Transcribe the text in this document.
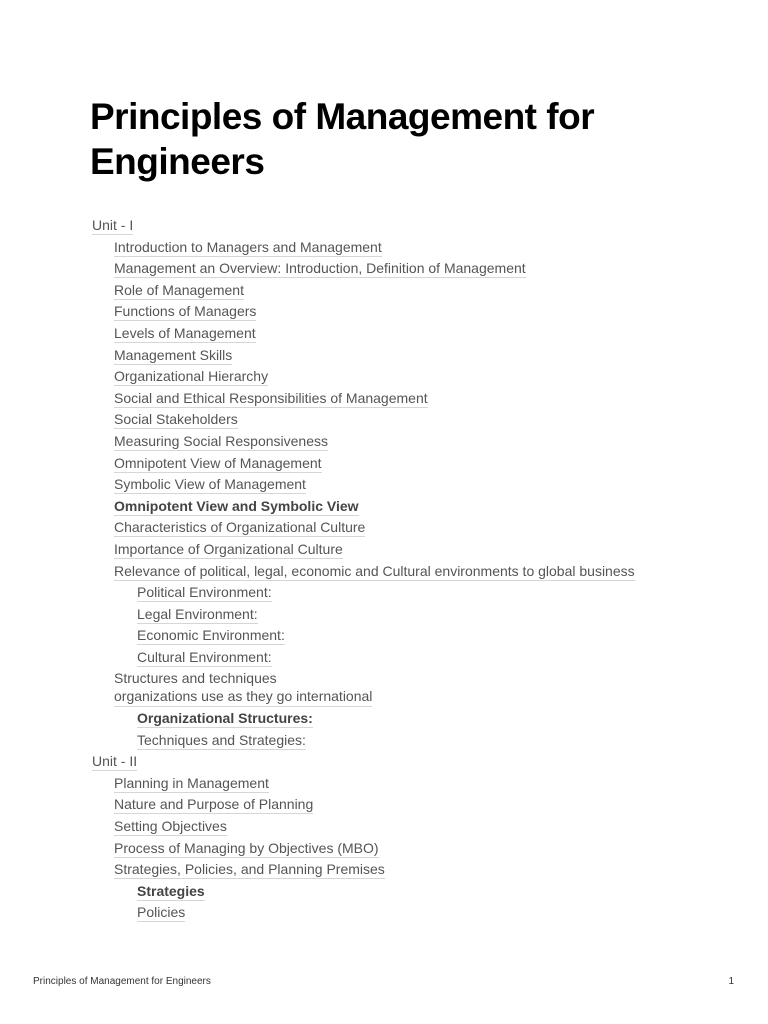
Principles of Management for Engineers
Unit - I
Introduction to Managers and Management
Management an Overview: Introduction, Definition of Management
Role of Management
Functions of Managers
Levels of Management
Management Skills
Organizational Hierarchy
Social and Ethical Responsibilities of Management
Social Stakeholders
Measuring Social Responsiveness
Omnipotent View of Management
Symbolic View of Management
Omnipotent View and Symbolic View
Characteristics of Organizational Culture
Importance of Organizational Culture
Relevance of political, legal, economic and Cultural environments to global business
Political Environment:
Legal Environment:
Economic Environment:
Cultural Environment:
Structures and techniques
organizations use as they go international
Organizational Structures:
Techniques and Strategies:
Unit - II
Planning in Management
Nature and Purpose of Planning
Setting Objectives
Process of Managing by Objectives (MBO)
Strategies, Policies, and Planning Premises
Strategies
Policies
Principles of Management for Engineers	1
